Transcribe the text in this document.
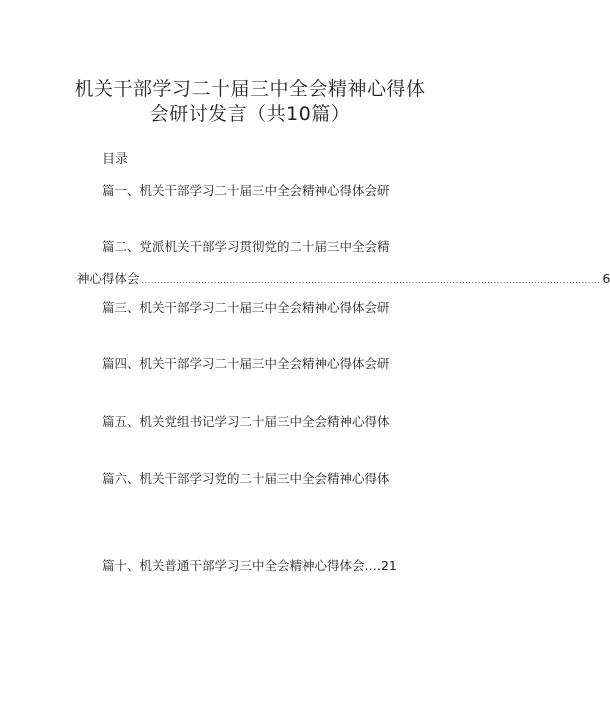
机关干部学习二十届三中全会精神心得体
会研讨发言（共10篇）
目录
篇一、机关干部学习二十届三中全会精神心得体会研
篇二、党派机关干部学习贯彻党的二十届三中全会精
神心得体会 .................................................................................................................................................. 6
篇三、机关干部学习二十届三中全会精神心得体会研
篇四、机关干部学习二十届三中全会精神心得体会研
篇五、机关党组书记学习二十届三中全会精神心得体
篇六、机关干部学习党的二十届三中全会精神心得体
篇十、机关普通干部学习三中全会精神心得体会.…21
